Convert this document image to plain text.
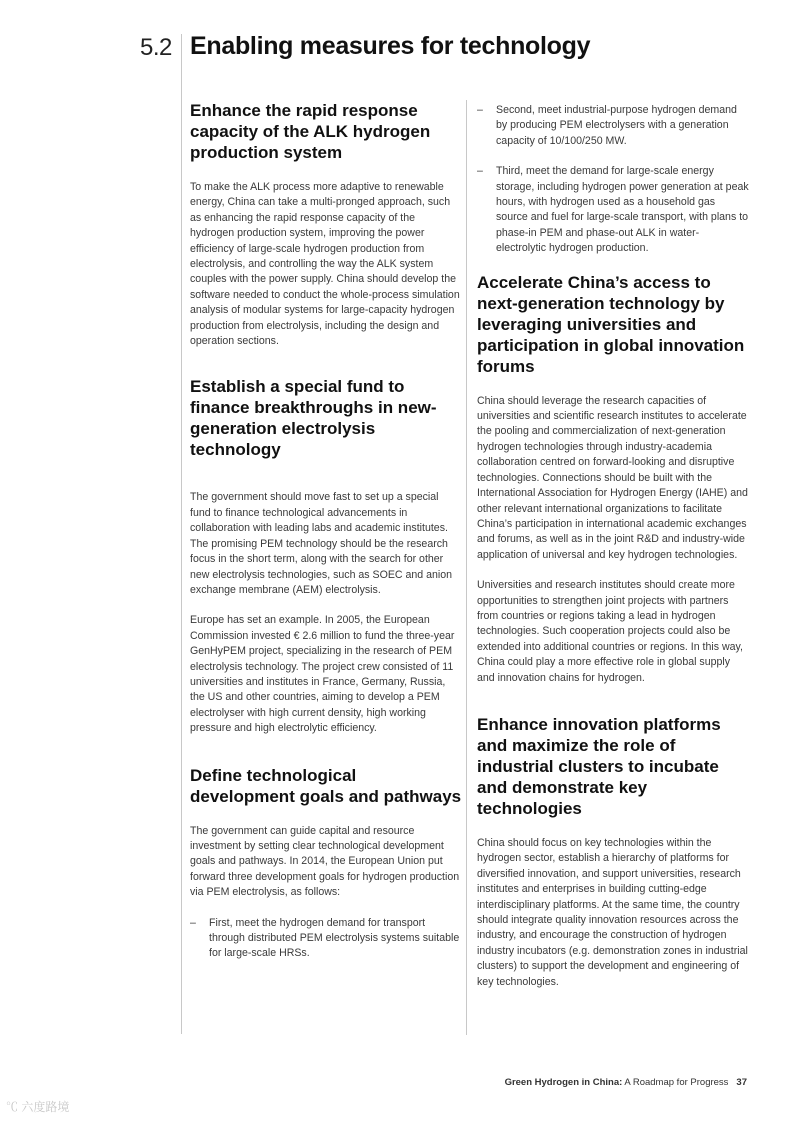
5.2 Enabling measures for technology
Enhance the rapid response capacity of the ALK hydrogen production system

To make the ALK process more adaptive to renewable energy, China can take a multi-pronged approach, such as enhancing the rapid response capacity of the hydrogen production system, improving the power efficiency of large-scale hydrogen production from electrolysis, and controlling the way the ALK system couples with the power supply. China should develop the software needed to conduct the whole-process simulation analysis of modular systems for large-capacity hydrogen production from electrolysis, including the design and operation sections.

Establish a special fund to finance breakthroughs in new-generation electrolysis technology

The government should move fast to set up a special fund to finance technological advancements in collaboration with leading labs and academic institutes. The promising PEM technology should be the research focus in the short term, along with the search for other new electrolysis technologies, such as SOEC and anion exchange membrane (AEM) electrolysis.

Europe has set an example. In 2005, the European Commission invested € 2.6 million to fund the three-year GenHyPEM project, specializing in the research of PEM electrolysis technology. The project crew consisted of 11 universities and institutes in France, Germany, Russia, the US and other countries, aiming to develop a PEM electrolyser with high current density, high working pressure and high electrolytic efficiency.

Define technological development goals and pathways

The government can guide capital and resource investment by setting clear technological development goals and pathways. In 2014, the European Union put forward three development goals for hydrogen production via PEM electrolysis, as follows:

–	First, meet the hydrogen demand for transport through distributed PEM electrolysis systems suitable for large-scale HRSs.
–	Second, meet industrial-purpose hydrogen demand by producing PEM electrolysers with a generation capacity of 10/100/250 MW.
–	Third, meet the demand for large-scale energy storage, including hydrogen power generation at peak hours, with hydrogen used as a household gas source and fuel for large-scale transport, with plans to phase-in PEM and phase-out ALK in water-electrolytic hydrogen production.
Accelerate China’s access to next-generation technology by leveraging universities and participation in global innovation forums

China should leverage the research capacities of universities and scientific research institutes to accelerate the pooling and commercialization of next-generation hydrogen technologies through industry-academia collaboration centred on forward-looking and disruptive technologies. Connections should be built with the International Association for Hydrogen Energy (IAHE) and other relevant international organizations to facilitate China’s participation in international academic exchanges and forums, as well as in the joint R&D and industry-wide application of universal and key hydrogen technologies.

Universities and research institutes should create more opportunities to strengthen joint projects with partners from countries or regions taking a lead in hydrogen technologies. Such cooperation projects could also be extended into additional countries or regions. In this way, China could play a more effective role in global supply and innovation chains for hydrogen.

Enhance innovation platforms and maximize the role of industrial clusters to incubate and demonstrate key technologies

China should focus on key technologies within the hydrogen sector, establish a hierarchy of platforms for diversified innovation, and support universities, research institutes and enterprises in building cutting-edge interdisciplinary platforms. At the same time, the country should integrate quality innovation resources across the industry, and encourage the construction of hydrogen industry incubators (e.g. demonstration zones in industrial clusters) to support the development and engineering of key technologies.

Green Hydrogen in China: A Roadmap for Progress 37
℃ 六度路境
